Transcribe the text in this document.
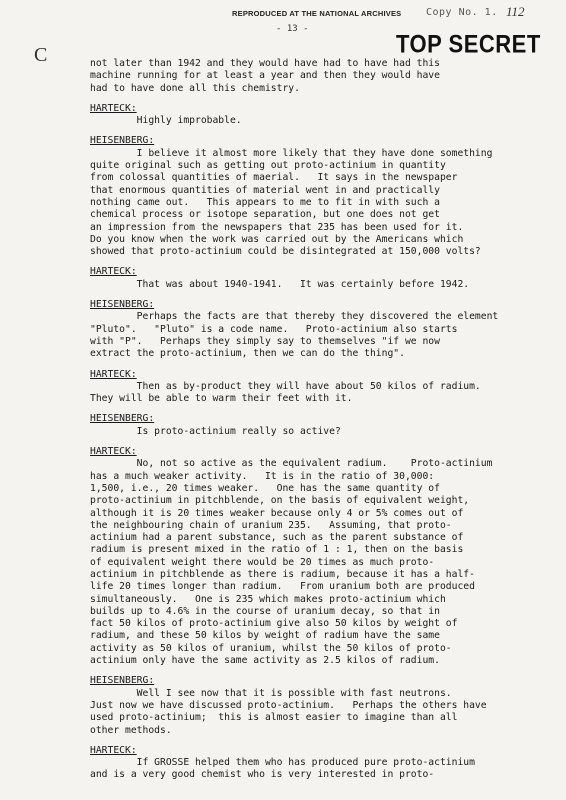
REPRODUCED AT THE NATIONAL ARCHIVES Copy No. 1. 112
- 13 -
TOP SECRET
C	not later than 1942 and they would have had to have had this
machine running for at least a year and then they would have
had to have done all this chemistry.
HARTECK:
Highly improbable.
HEISENBERG:
I believe it almost more likely that they have done something
quite original such as getting out proto-actinium in quantity
from colossal quantities of maerial.   It says in the newspaper
that enormous quantities of material went in and practically
nothing came out.   This appears to me to fit in with such a
chemical process or isotope separation, but one does not get
an impression from the newspapers that 235 has been used for it.
Do you know when the work was carried out by the Americans which
showed that proto-actinium could be disintegrated at 150,000 volts?
HARTECK:
That was about 1940-1941.   It was certainly before 1942.
HEISENBERG:
Perhaps the facts are that thereby they discovered the element
"Pluto".   "Pluto" is a code name.   Proto-actinium also starts
with "P".   Perhaps they simply say to themselves "if we now
extract the proto-actinium, then we can do the thing".
HARTECK:
Then as by-product they will have about 50 kilos of radium.
They will be able to warm their feet with it.
HEISENBERG:
Is proto-actinium really so active?
HARTECK:
No, not so active as the equivalent radium.    Proto-actinium
has a much weaker activity.   It is in the ratio of 30,000:
1,500, i.e., 20 times weaker.   One has the same quantity of
proto-actinium in pitchblende, on the basis of equivalent weight,
although it is 20 times weaker because only 4 or 5% comes out of
the neighbouring chain of uranium 235.   Assuming, that proto-
actinium had a parent substance, such as the parent substance of
radium is present mixed in the ratio of 1 : 1, then on the basis
of equivalent weight there would be 20 times as much proto-
actinium in pitchblende as there is radium, because it has a half-
life 20 times longer than radium.   From uranium both are produced
simultaneously.   One is 235 which makes proto-actinium which
builds up to 4.6% in the course of uranium decay, so that in
fact 50 kilos of proto-actinium give also 50 kilos by weight of
radium, and these 50 kilos by weight of radium have the same
activity as 50 kilos of uranium, whilst the 50 kilos of proto-
actinium only have the same activity as 2.5 kilos of radium.
HEISENBERG:
Well I see now that it is possible with fast neutrons.
Just now we have discussed proto-actinium.   Perhaps the others have
used proto-actinium;  this is almost easier to imagine than all
other methods.
HARTECK:
If GROSSE helped them who has produced pure proto-actinium
and is a very good chemist who is very interested in proto-
